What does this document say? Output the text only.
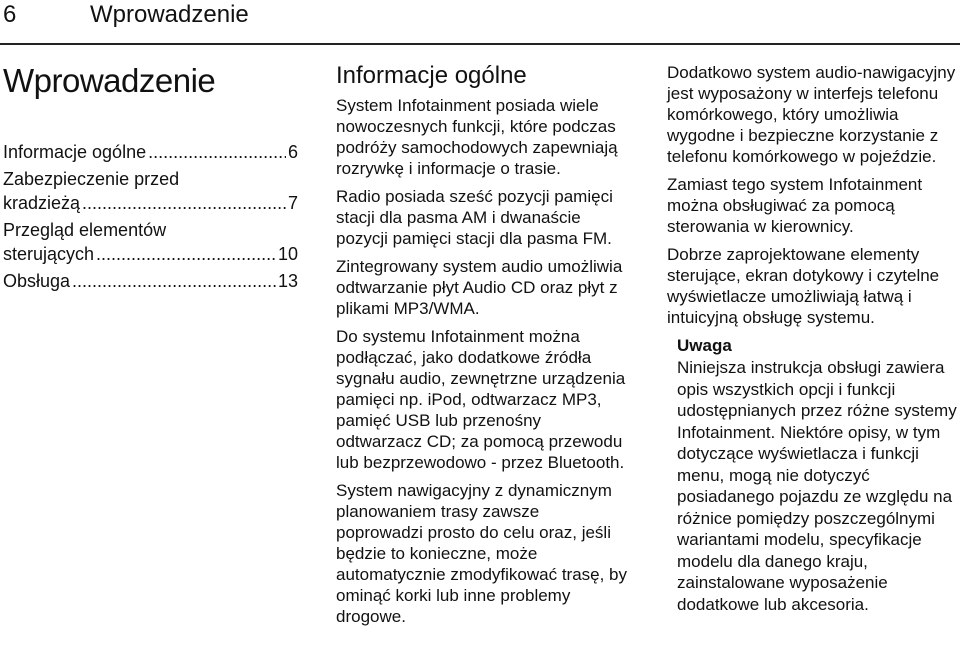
6	Wprowadzenie
Wprowadzenie
Informacje ogólne .....	6
Zabezpieczenie przed
kradzieżą .....	7
Przegląd elementów
sterujących .....	10
Obsługa .....	13
Informacje ogólne

System Infotainment posiada wiele nowoczesnych funkcji, które podczas podróży samochodowych zapewniają rozrywkę i informacje o trasie.

Radio posiada sześć pozycji pamięci stacji dla pasma AM i dwanaście pozycji pamięci stacji dla pasma FM.

Zintegrowany system audio umożliwia odtwarzanie płyt Audio CD oraz płyt z plikami MP3/WMA.

Do systemu Infotainment można podłączać, jako dodatkowe źródła sygnału audio, zewnętrzne urządzenia pamięci np. iPod, odtwarzacz MP3, pamięć USB lub przenośny odtwarzacz CD; za pomocą przewodu lub bezprzewodowo - przez Bluetooth.

System nawigacyjny z dynamicznym planowaniem trasy zawsze poprowadzi prosto do celu oraz, jeśli będzie to konieczne, może automatycznie zmodyfikować trasę, by ominąć korki lub inne problemy drogowe.

Dodatkowo system audio-nawigacyjny jest wyposażony w interfejs telefonu komórkowego, który umożliwia wygodne i bezpieczne korzystanie z telefonu komórkowego w pojeździe.

Zamiast tego system Infotainment można obsługiwać za pomocą sterowania w kierownicy.

Dobrze zaprojektowane elementy sterujące, ekran dotykowy i czytelne wyświetlacze umożliwiają łatwą i intuicyjną obsługę systemu.

Uwaga
Niniejsza instrukcja obsługi zawiera opis wszystkich opcji i funkcji udostępnianych przez różne systemy Infotainment. Niektóre opisy, w tym dotyczące wyświetlacza i funkcji menu, mogą nie dotyczyć posiadanego pojazdu ze względu na różnice pomiędzy poszczególnymi wariantami modelu, specyfikacje modelu dla danego kraju, zainstalowane wyposażenie dodatkowe lub akcesoria.
